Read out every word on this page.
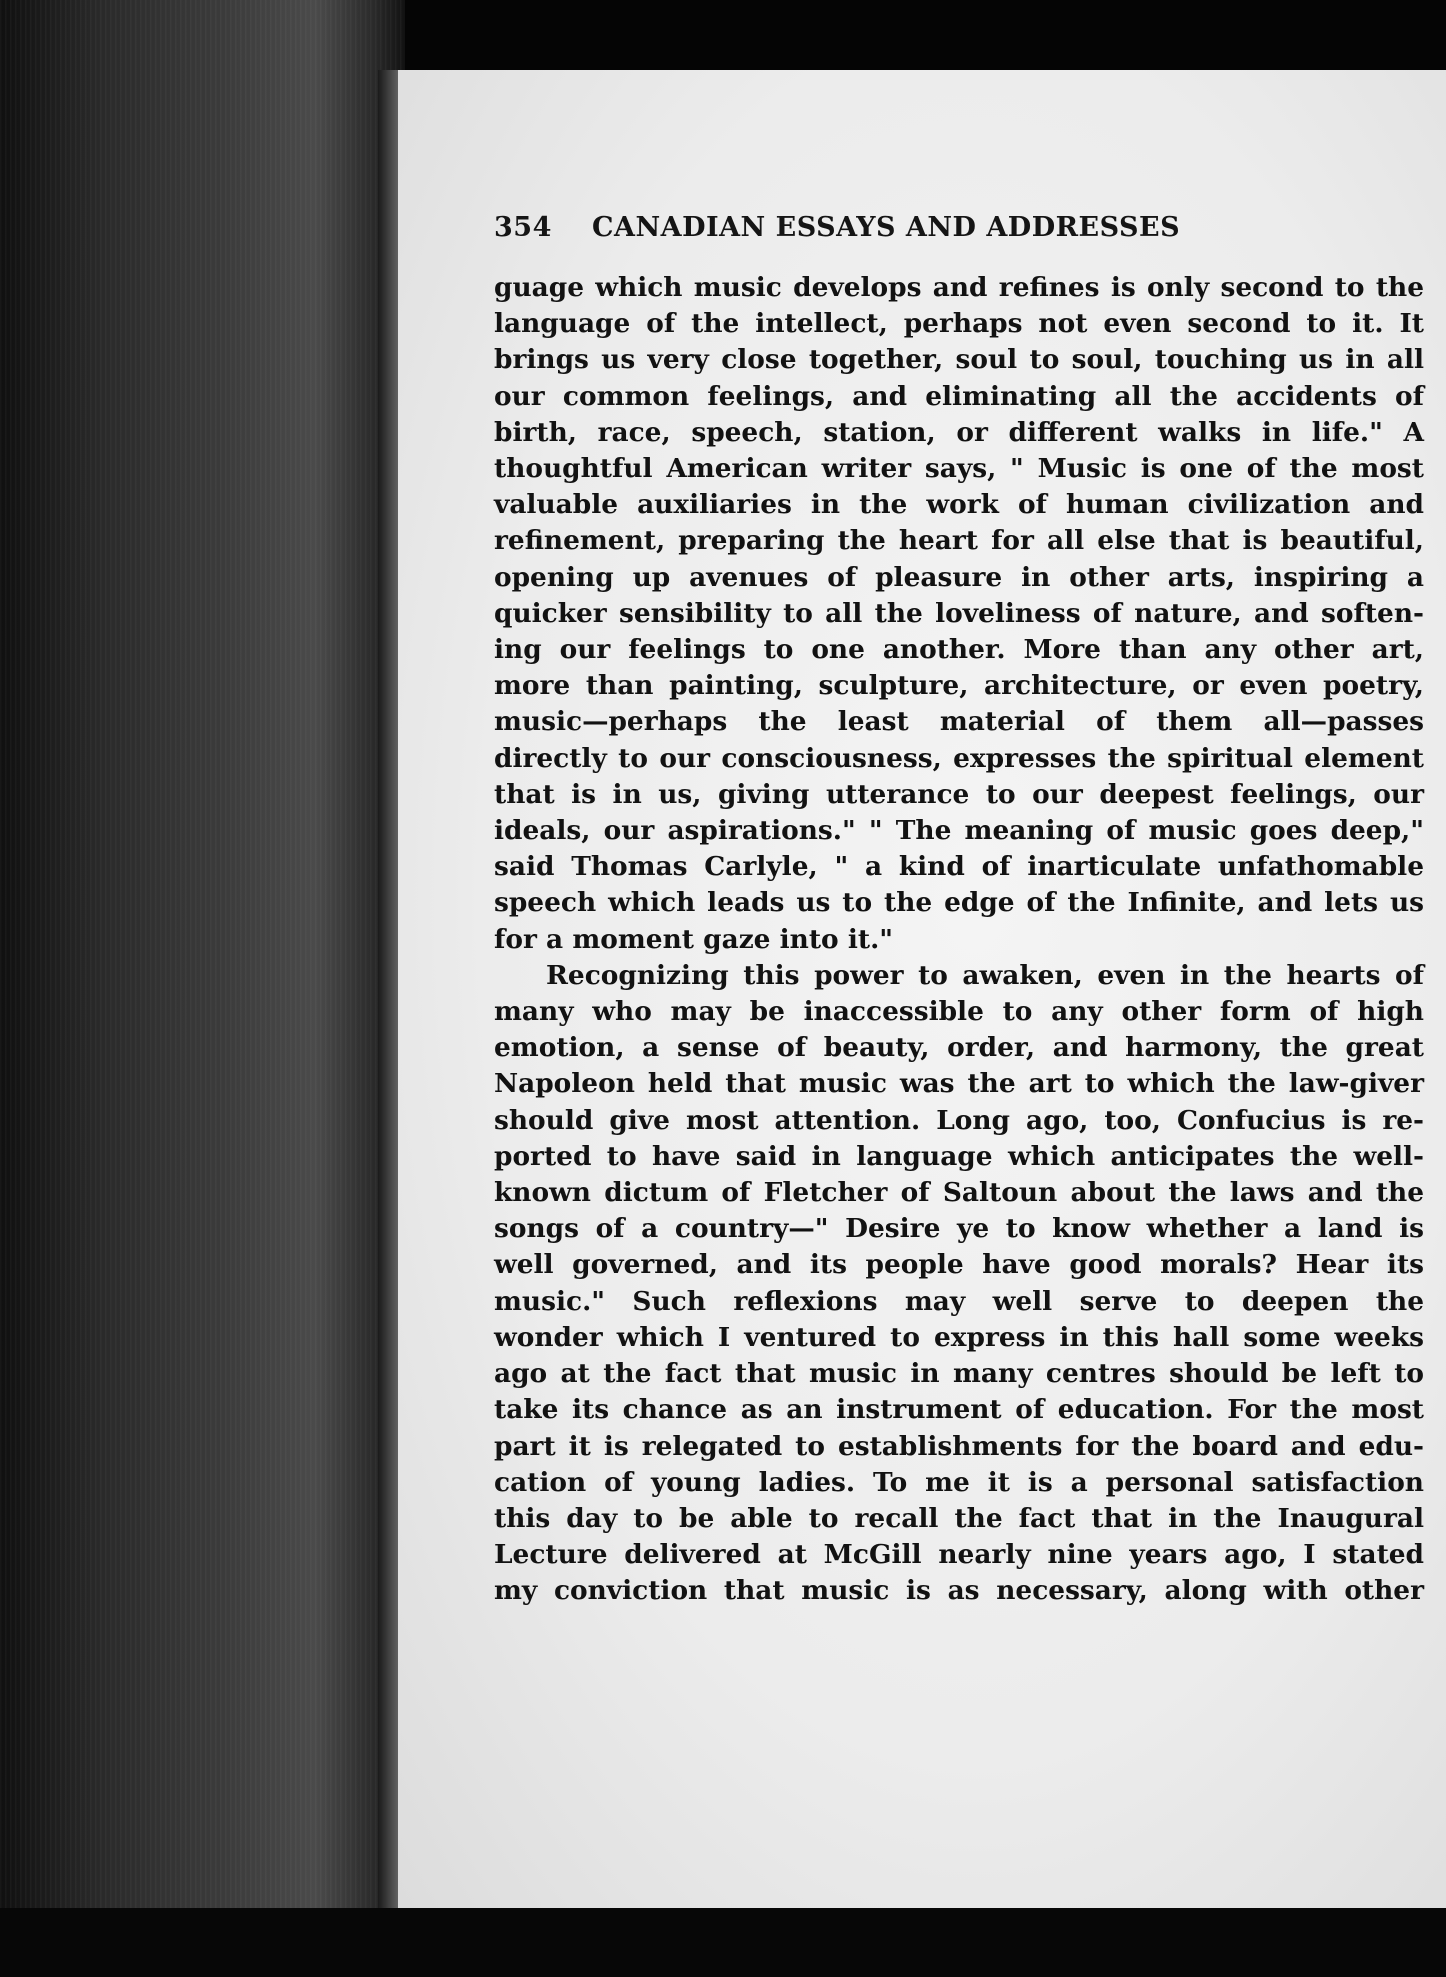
354 CANADIAN ESSAYS AND ADDRESSES
guage which music develops and refines is only second to the
language of the intellect, perhaps not even second to it. It
brings us very close together, soul to soul, touching us in all
our common feelings, and eliminating all the accidents of
birth, race, speech, station, or different walks in life." A
thoughtful American writer says, " Music is one of the most
valuable auxiliaries in the work of human civilization and
refinement, preparing the heart for all else that is beautiful,
opening up avenues of pleasure in other arts, inspiring a
quicker sensibility to all the loveliness of nature, and soften-
ing our feelings to one another. More than any other art,
more than painting, sculpture, architecture, or even poetry,
music—perhaps the least material of them all—passes
directly to our consciousness, expresses the spiritual element
that is in us, giving utterance to our deepest feelings, our
ideals, our aspirations." " The meaning of music goes deep,"
said Thomas Carlyle, " a kind of inarticulate unfathomable
speech which leads us to the edge of the Infinite, and lets us
for a moment gaze into it."
Recognizing this power to awaken, even in the hearts of
many who may be inaccessible to any other form of high
emotion, a sense of beauty, order, and harmony, the great
Napoleon held that music was the art to which the law-giver
should give most attention. Long ago, too, Confucius is re-
ported to have said in language which anticipates the well-
known dictum of Fletcher of Saltoun about the laws and the
songs of a country—" Desire ye to know whether a land is
well governed, and its people have good morals? Hear its
music." Such reflexions may well serve to deepen the
wonder which I ventured to express in this hall some weeks
ago at the fact that music in many centres should be left to
take its chance as an instrument of education. For the most
part it is relegated to establishments for the board and edu-
cation of young ladies. To me it is a personal satisfaction
this day to be able to recall the fact that in the Inaugural
Lecture delivered at McGill nearly nine years ago, I stated
my conviction that music is as necessary, along with other
